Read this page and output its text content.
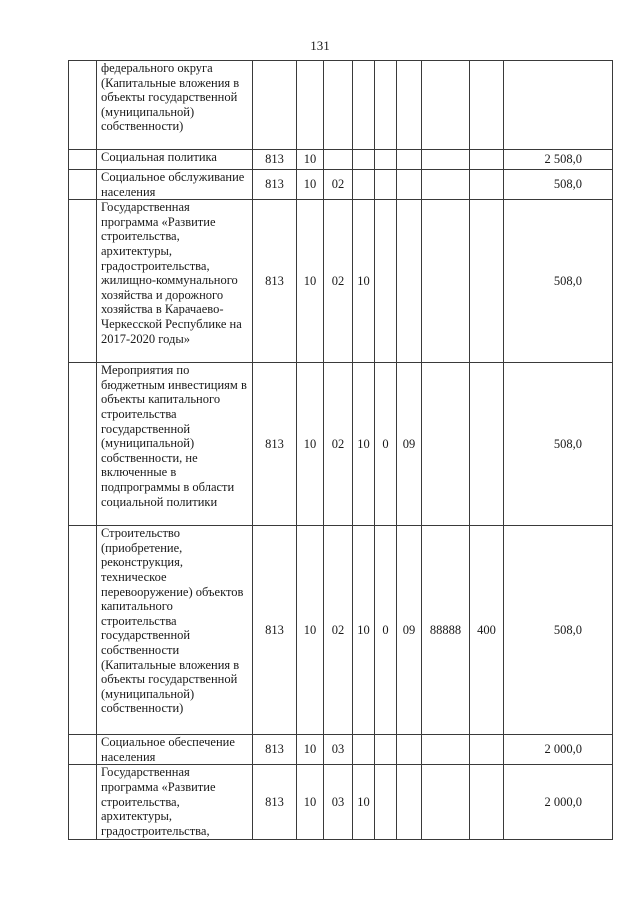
131
	федерального округа (Капитальные вложения в объекты государственной (муниципальной) собственности)									
	Социальная политика	813	10							2 508,0
	Социальное обслуживание населения	813	10	02						508,0
	Государственная программа «Развитие строительства, архитектуры, градостроительства, жилищно-коммунального хозяйства и дорожного хозяйства в Карачаево-Черкесской Республике на 2017-2020 годы»	813	10	02	10					508,0
	Мероприятия по бюджетным инвестициям в объекты капитального строительства государственной (муниципальной) собственности, не включенные в подпрограммы в области социальной политики	813	10	02	10	0	09			508,0
	Строительство (приобретение, реконструкция, техническое перевооружение) объектов капитального строительства государственной собственности (Капитальные вложения в объекты государственной (муниципальной) собственности)	813	10	02	10	0	09	88888	400	508,0
	Социальное обеспечение населения	813	10	03						2 000,0
	Государственная программа «Развитие строительства, архитектуры, градостроительства,	813	10	03	10					2 000,0
